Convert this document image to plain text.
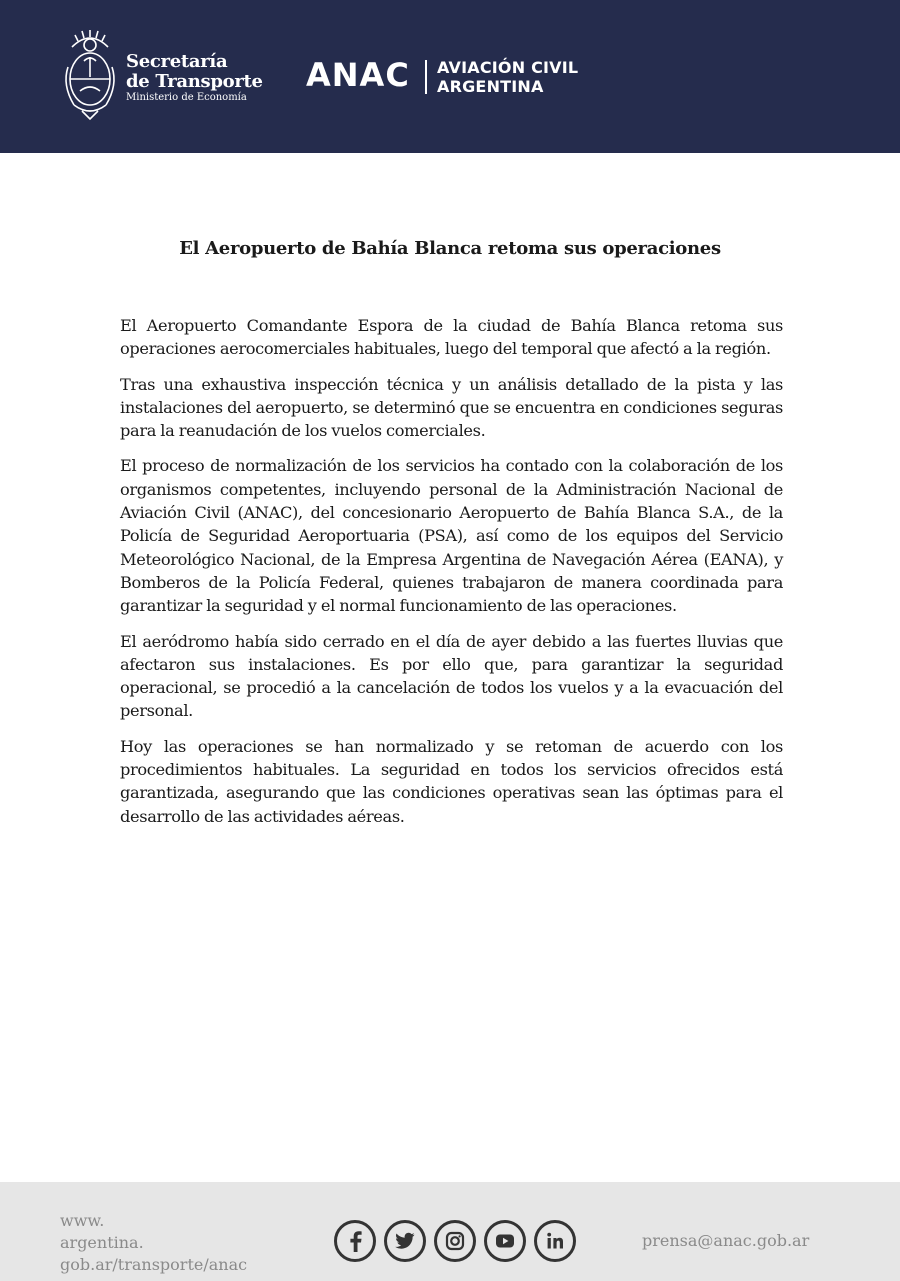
Secretaría
de Transporte
Ministerio de Economía
ANAC AVIACIÓN CIVIL
ARGENTINA
El Aeropuerto de Bahía Blanca retoma sus operaciones

El Aeropuerto Comandante Espora de la ciudad de Bahía Blanca retoma sus operaciones aerocomerciales habituales, luego del temporal que afectó a la región.

Tras una exhaustiva inspección técnica y un análisis detallado de la pista y las instalaciones del aeropuerto, se determinó que se encuentra en condiciones seguras para la reanudación de los vuelos comerciales.

El proceso de normalización de los servicios ha contado con la colaboración de los organismos competentes, incluyendo personal de la Administración Nacional de Aviación Civil (ANAC), del concesionario Aeropuerto de Bahía Blanca S.A., de la Policía de Seguridad Aeroportuaria (PSA), así como de los equipos del Servicio Meteorológico Nacional, de la Empresa Argentina de Navegación Aérea (EANA), y Bomberos de la Policía Federal, quienes trabajaron de manera coordinada para garantizar la seguridad y el normal funcionamiento de las operaciones.

El aeródromo había sido cerrado en el día de ayer debido a las fuertes lluvias que afectaron sus instalaciones. Es por ello que, para garantizar la seguridad operacional, se procedió a la cancelación de todos los vuelos y a la evacuación del personal.

Hoy las operaciones se han normalizado y se retoman de acuerdo con los procedimientos habituales. La seguridad en todos los servicios ofrecidos está garantizada, asegurando que las condiciones operativas sean las óptimas para el desarrollo de las actividades aéreas.

www.
argentina.
gob.ar/transporte/anac
prensa@anac.gob.ar
